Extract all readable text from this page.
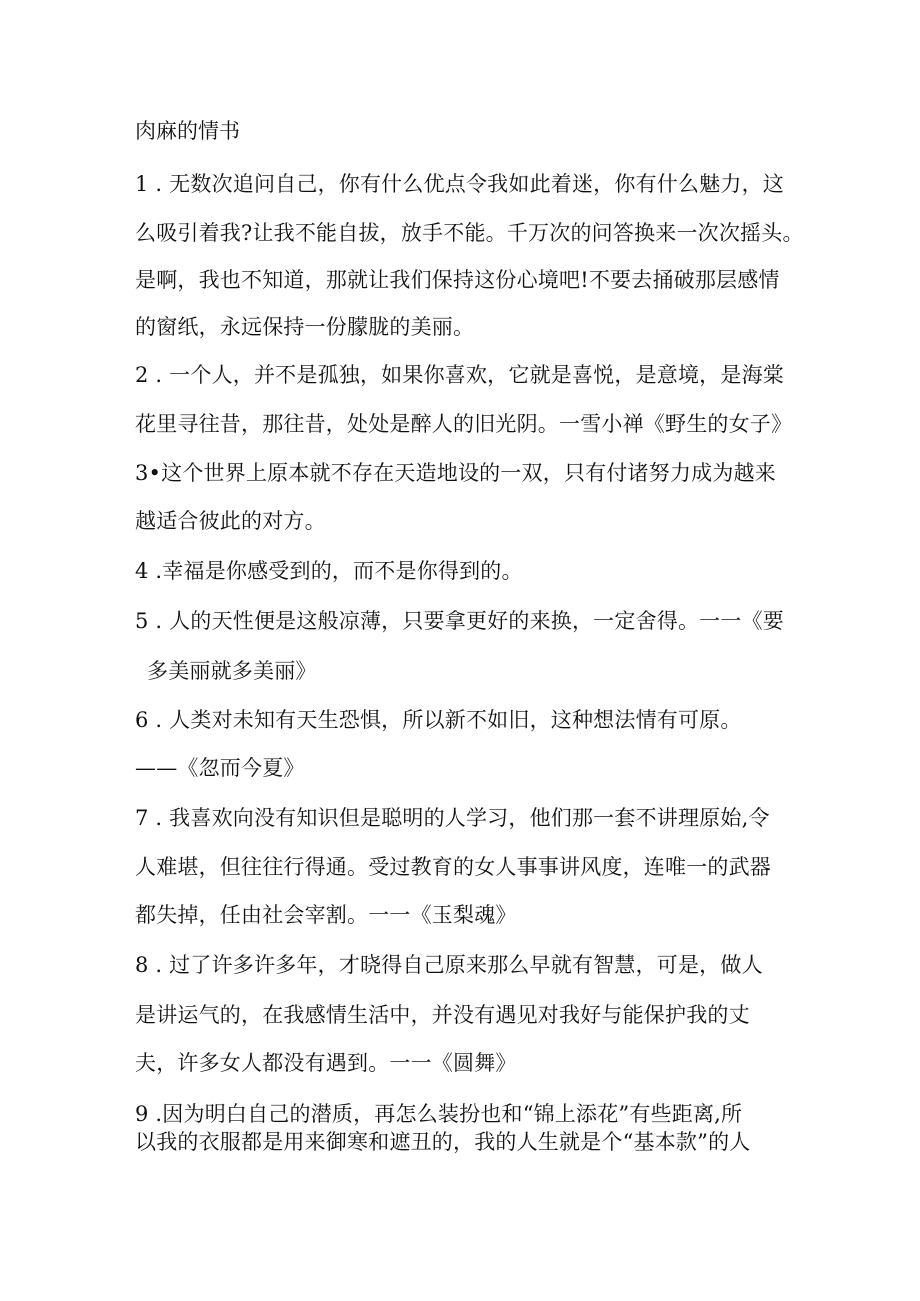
肉麻的情书
1 . 无数次追问自己，你有什么优点令我如此着迷，你有什么魅力，这
么吸引着我?让我不能自拔，放手不能。千万次的问答换来一次次摇头。
是啊，我也不知道，那就让我们保持这份心境吧!不要去捅破那层感情
的窗纸，永远保持一份朦胧的美丽。
2 . 一个人，并不是孤独，如果你喜欢，它就是喜悦，是意境，是海棠
花里寻往昔，那往昔，处处是醉人的旧光阴。一雪小禅《野生的女子》
3•这个世界上原本就不存在天造地设的一双，只有付诸努力成为越来
越适合彼此的对方。
4 .幸福是你感受到的，而不是你得到的。
5 . 人的天性便是这般凉薄，只要拿更好的来换，一定舍得。一一《要
多美丽就多美丽》
6 . 人类对未知有天生恐惧，所以新不如旧，这种想法情有可原。
——《忽而今夏》
7 . 我喜欢向没有知识但是聪明的人学习，他们那一套不讲理原始,令
人难堪，但往往行得通。受过教育的女人事事讲风度，连唯一的武器
都失掉，任由社会宰割。一一《玉梨魂》
8 . 过了许多许多年，才晓得自己原来那么早就有智慧，可是，做人
是讲运气的，在我感情生活中，并没有遇见对我好与能保护我的丈
夫，许多女人都没有遇到。一一《圆舞》
9 .因为明白自己的潜质，再怎么装扮也和“锦上添花”有些距离,所
以我的衣服都是用来御寒和遮丑的，我的人生就是个“基本款”的人
